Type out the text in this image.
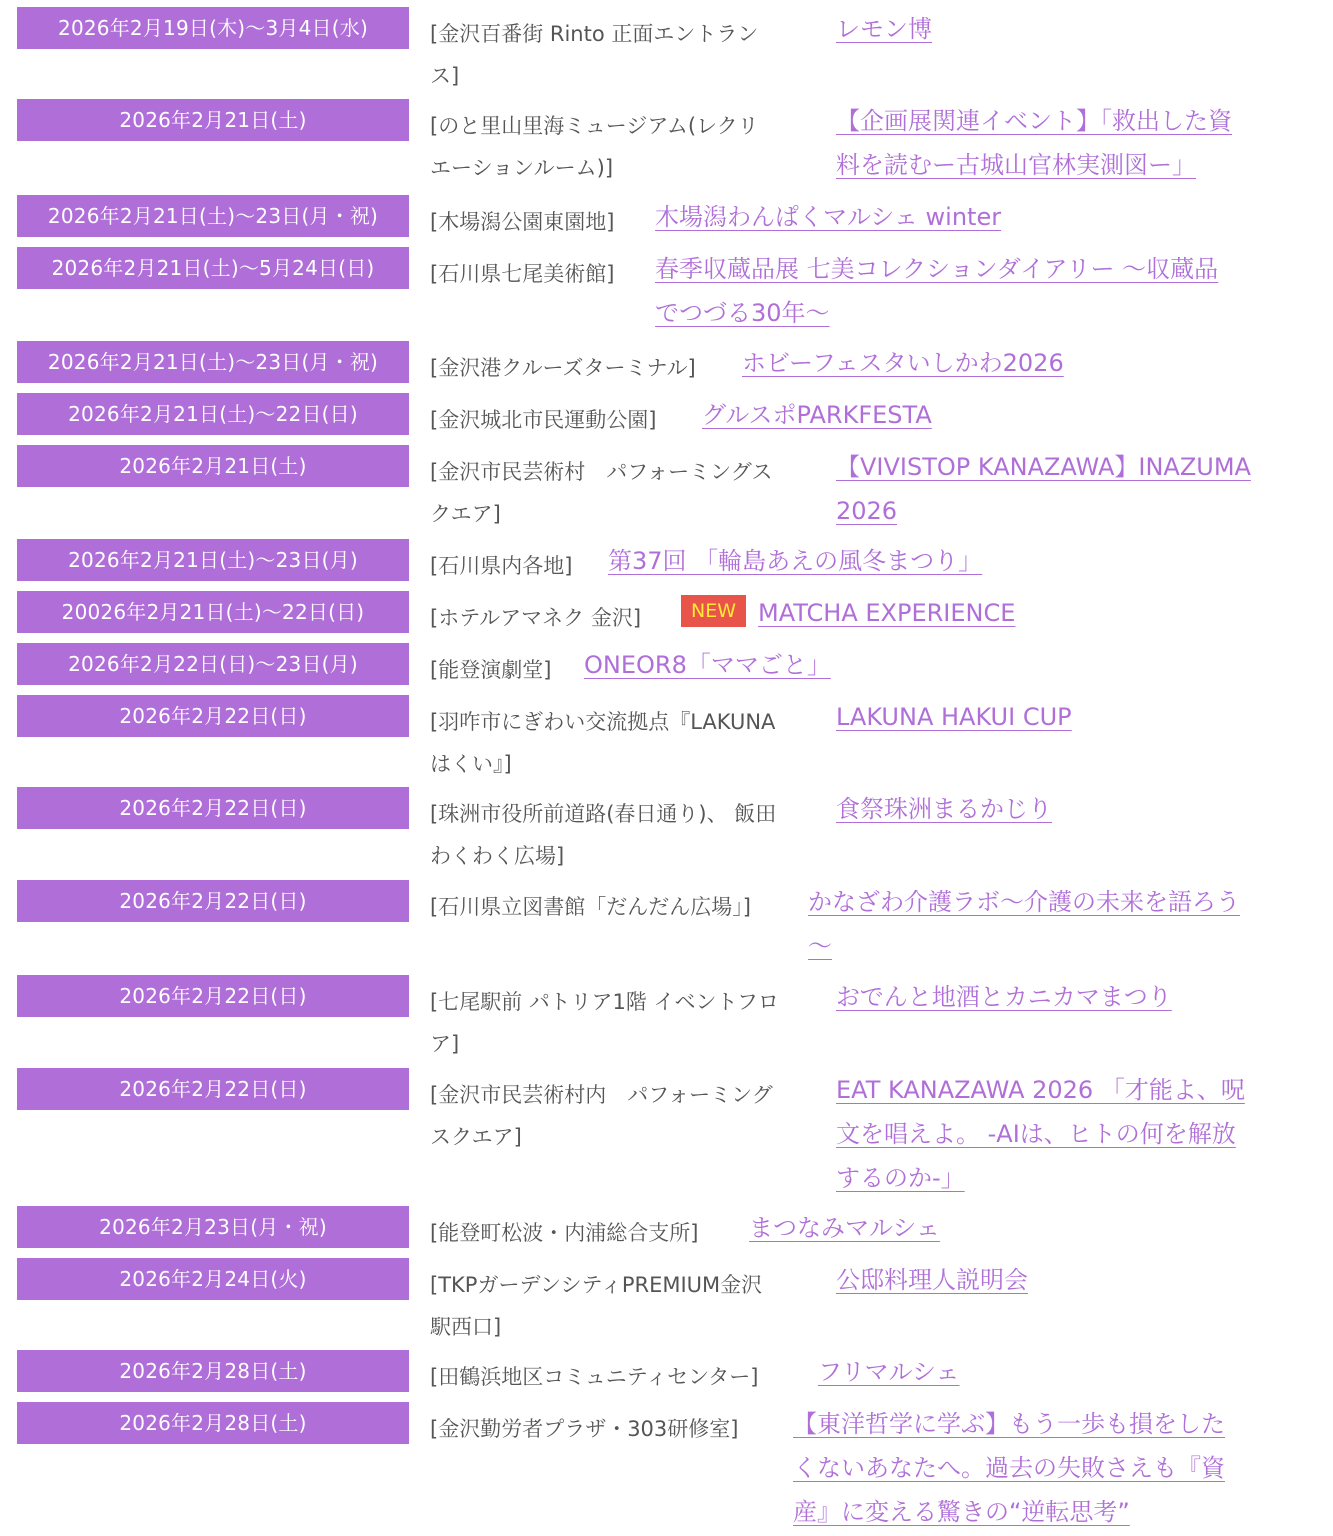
2026年2月19日(木)〜3月4日(水)	[金沢百番街 Rinto 正面エントラン
ス]
レモン博
2026年2月21日(土)	[のと里山里海ミュージアム(レクリ
エーションルーム)]
【企画展関連イベント】「救出した資
料を読むー古城山官林実測図ー」
2026年2月21日(土)〜23日(月・祝)	[木場潟公園東園地] 木場潟わんぱくマルシェ winter
2026年2月21日(土)〜5月24日(日)	[石川県七尾美術館] 春季収蔵品展 七美コレクションダイアリー 〜収蔵品
でつづる30年〜
2026年2月21日(土)〜23日(月・祝)	[金沢港クルーズターミナル] ホビーフェスタいしかわ2026
2026年2月21日(土)〜22日(日)	[金沢城北市民運動公園] グルスポPARKFESTA
2026年2月21日(土)	[金沢市民芸術村　パフォーミングス
クエア]
【VIVISTOP KANAZAWA】INAZUMA
2026
2026年2月21日(土)〜23日(月)	[石川県内各地] 第37回 「輪島あえの風冬まつり」
20026年2月21日(土)〜22日(日)	[ホテルアマネク 金沢]	NEW MATCHA EXPERIENCE
2026年2月22日(日)〜23日(月)	[能登演劇堂] ONEOR8「ママごと」
2026年2月22日(日)	[羽咋市にぎわい交流拠点『LAKUNA
はくい』]
LAKUNA HAKUI CUP
2026年2月22日(日)	[珠洲市役所前道路(春日通り)、 飯田
わくわく広場]
食祭珠洲まるかじり
2026年2月22日(日)	[石川県立図書館「だんだん広場」] かなざわ介護ラボ〜介護の未来を語ろう
〜
2026年2月22日(日)	[七尾駅前 パトリア1階 イベントフロ
ア]
おでんと地酒とカニカマまつり
2026年2月22日(日)	[金沢市民芸術村内　パフォーミング
スクエア]
EAT KANAZAWA 2026 「才能よ、呪
文を唱えよ。 -AIは、ヒトの何を解放
するのか-」
2026年2月23日(月・祝)	[能登町松波・内浦総合支所] まつなみマルシェ
2026年2月24日(火)	[TKPガーデンシティPREMIUM金沢
駅西口]
公邸料理人説明会
2026年2月28日(土)	[田鶴浜地区コミュニティセンター] フリマルシェ
2026年2月28日(土)	[金沢勤労者プラザ・303研修室] 【東洋哲学に学ぶ】もう一歩も損をした
くないあなたへ。過去の失敗さえも『資
産』に変える驚きの“逆転思考”
